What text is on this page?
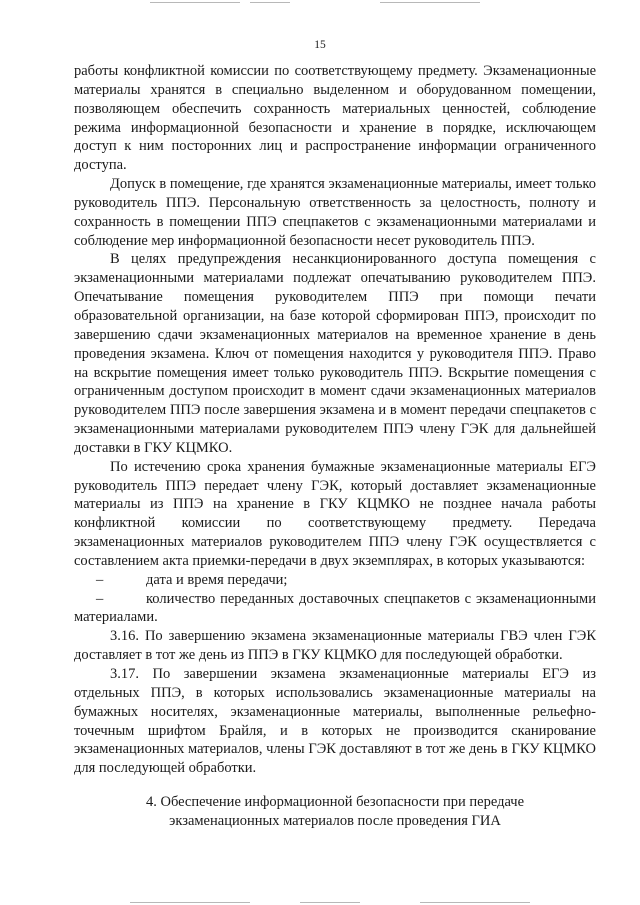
15

работы конфликтной комиссии по соответствующему предмету. Экзаменационные материалы хранятся в специально выделенном и оборудованном помещении, позволяющем обеспечить сохранность материальных ценностей, соблюдение режима информационной безопасности и хранение в порядке, исключающем доступ к ним посторонних лиц и распространение информации ограниченного доступа.

Допуск в помещение, где хранятся экзаменационные материалы, имеет только руководитель ППЭ. Персональную ответственность за целостность, полноту и сохранность в помещении ППЭ спецпакетов с экзаменационными материалами и соблюдение мер информационной безопасности несет руководитель ППЭ.

В целях предупреждения несанкционированного доступа помещения с экзаменационными материалами подлежат опечатыванию руководителем ППЭ. Опечатывание помещения руководителем ППЭ при помощи печати образовательной организации, на базе которой сформирован ППЭ, происходит по завершению сдачи экзаменационных материалов на временное хранение в день проведения экзамена. Ключ от помещения находится у руководителя ППЭ. Право на вскрытие помещения имеет только руководитель ППЭ. Вскрытие помещения с ограниченным доступом происходит в момент сдачи экзаменационных материалов руководителем ППЭ после завершения экзамена и в момент передачи спецпакетов с экзаменационными материалами руководителем ППЭ члену ГЭК для дальнейшей доставки в ГКУ КЦМКО.

По истечению срока хранения бумажные экзаменационные материалы ЕГЭ руководитель ППЭ передает члену ГЭК, который доставляет экзаменационные материалы из ППЭ на хранение в ГКУ КЦМКО не позднее начала работы конфликтной комиссии по соответствующему предмету. Передача экзаменационных материалов руководителем ППЭ члену ГЭК осуществляется с составлением акта приемки-передачи в двух экземплярах, в которых указываются:

–	дата и время передачи;

–	количество переданных доставочных спецпакетов с экзаменационными материалами.

3.16. По завершению экзамена экзаменационные материалы ГВЭ член ГЭК доставляет в тот же день из ППЭ в ГКУ КЦМКО для последующей обработки.

3.17. По завершении экзамена экзаменационные материалы ЕГЭ из отдельных ППЭ, в которых использовались экзаменационные материалы на бумажных носителях, экзаменационные материалы, выполненные рельефно-точечным шрифтом Брайля, и в которых не производится сканирование экзаменационных материалов, члены ГЭК доставляют в тот же день в ГКУ КЦМКО для последующей обработки.

4. Обеспечение информационной безопасности при передаче
экзаменационных материалов после проведения ГИА
